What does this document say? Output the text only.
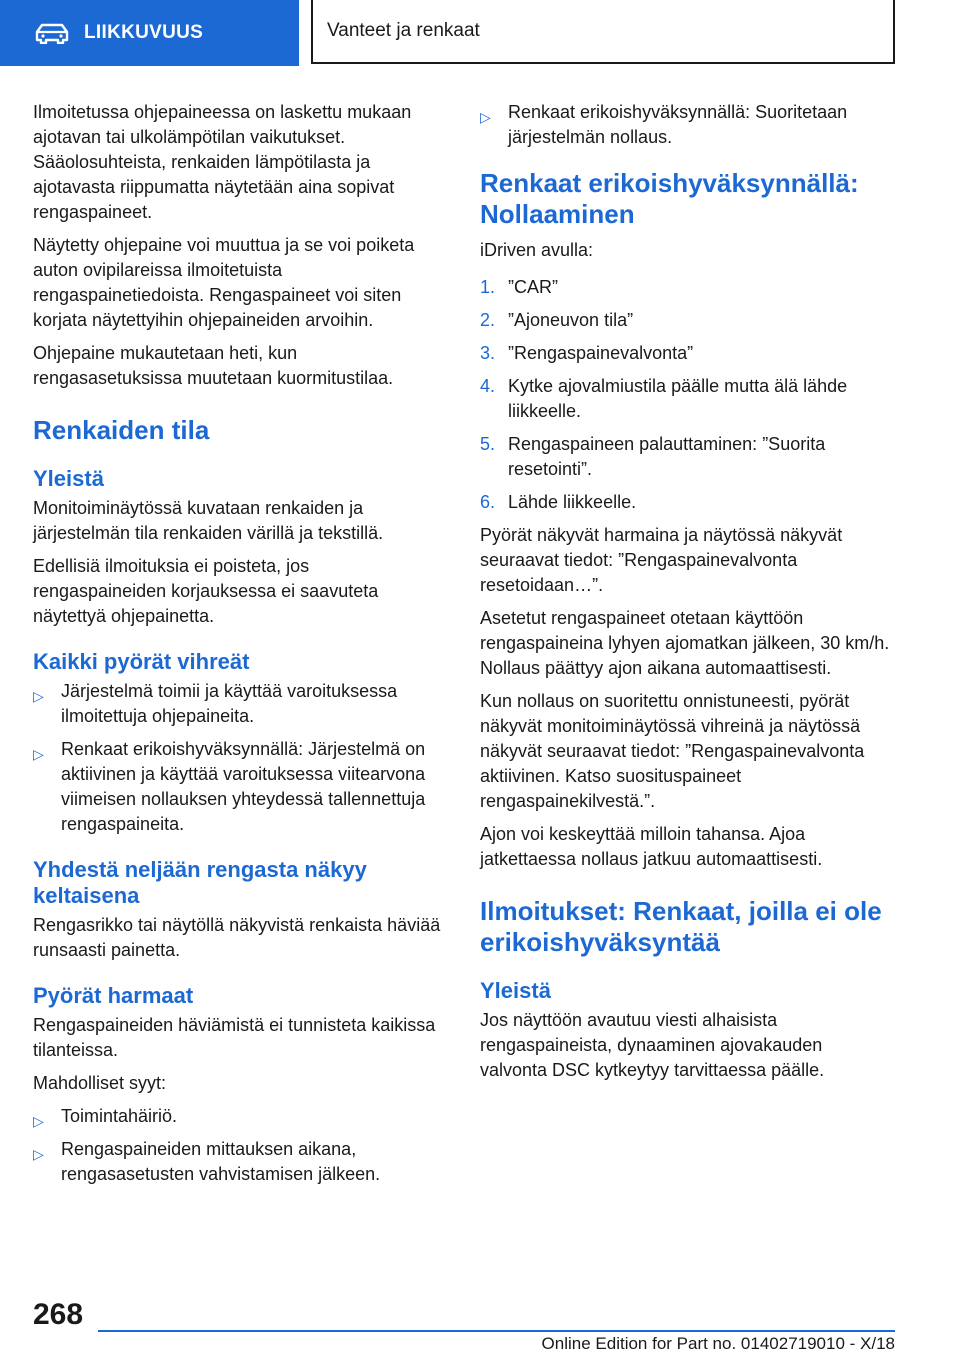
LIIKKUVUUS	Vanteet ja renkaat

Ilmoitetussa ohjepaineessa on laskettu mukaan ajotavan tai ulkolämpötilan vaikutukset. Sääolosuhteista, renkaiden lämpötilasta ja ajotavasta riippumatta näytetään aina sopivat rengaspaineet.

Näytetty ohjepaine voi muuttua ja se voi poiketa auton ovipilareissa ilmoitetuista rengaspainetiedoista. Rengaspaineet voi siten korjata näytettyihin ohjepaineiden arvoihin.

Ohjepaine mukautetaan heti, kun rengasasetuksissa muutetaan kuormitustilaa.

Renkaiden tila
Yleistä

Monitoiminäytössä kuvataan renkaiden ja järjestelmän tila renkaiden värillä ja tekstillä.

Edellisiä ilmoituksia ei poisteta, jos rengaspaineiden korjauksessa ei saavuteta näytettyä ohjepainetta.

Kaikki pyörät vihreät
▷ Järjestelmä toimii ja käyttää varoituksessa ilmoitettuja ohjepaineita.
▷ Renkaat erikoishyväksynnällä: Järjestelmä on aktiivinen ja käyttää varoituksessa viitearvona viimeisen nollauksen yhteydessä tallennettuja rengaspaineita.
Yhdestä neljään rengasta näkyy keltaisena

Rengasrikko tai näytöllä näkyvistä renkaista häviää runsaasti painetta.

Pyörät harmaat

Rengaspaineiden häviämistä ei tunnisteta kaikissa tilanteissa.

Mahdolliset syyt:

▷ Toimintahäiriö.
▷ Rengaspaineiden mittauksen aikana, rengasasetusten vahvistamisen jälkeen.
▷ Renkaat erikoishyväksynnällä: Suoritetaan järjestelmän nollaus.
Renkaat erikoishyväksynnällä: Nollaaminen

iDriven avulla:

1. ”CAR”
2. ”Ajoneuvon tila”
3. ”Rengaspainevalvonta”
4. Kytke ajovalmiustila päälle mutta älä lähde liikkeelle.
5. Rengaspaineen palauttaminen: ”Suorita resetointi”.
6. Lähde liikkeelle.

Pyörät näkyvät harmaina ja näytössä näkyvät seuraavat tiedot: ”Rengaspainevalvonta resetoidaan…”.

Asetetut rengaspaineet otetaan käyttöön rengaspaineina lyhyen ajomatkan jälkeen, 30 km/h. Nollaus päättyy ajon aikana automaattisesti.

Kun nollaus on suoritettu onnistuneesti, pyörät näkyvät monitoiminäytössä vihreinä ja näytössä näkyvät seuraavat tiedot: ”Rengaspainevalvonta aktiivinen. Katso suosituspaineet rengaspainekilvestä.”.

Ajon voi keskeyttää milloin tahansa. Ajoa jatkettaessa nollaus jatkuu automaattisesti.

Ilmoitukset: Renkaat, joilla ei ole erikoishyväksyntää
Yleistä

Jos näyttöön avautuu viesti alhaisista rengaspaineista, dynaaminen ajovakauden valvonta DSC kytkeytyy tarvittaessa päälle.

268
Online Edition for Part no. 01402719010 - X/18
